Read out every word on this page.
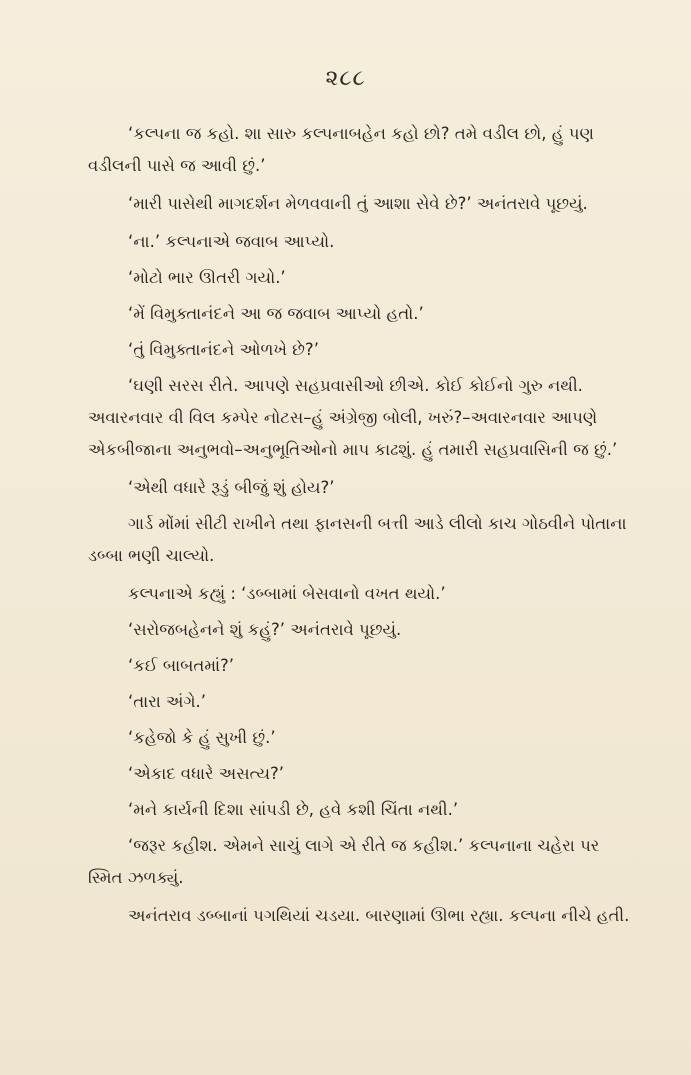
૨૮૮

‘કલ્પના જ કહો. શા સારુ કલ્પનાબહેન કહો છો? તમે વડીલ છો, હું પણ વડીલની પાસે જ આવી છું.’

‘મારી પાસેથી માગદર્શન મેળવવાની તું આશા સેવે છે?’ અનંતરાવે પૂછયું.

‘ના.’ કલ્પનાએ જવાબ આપ્યો.

‘મોટો ભાર ઊતરી ગયો.’

‘મેં વિમુક્તાનંદને આ જ જવાબ આપ્યો હતો.’

‘તું વિમુક્તાનંદને ઓળખે છે?’

‘ઘણી સરસ રીતે. આપણે સહપ્રવાસીઓ છીએ. કોઈ કોઈનો ગુરુ નથી. અવારનવાર વી વિલ કમ્પેર નોટસ–હું અંગ્રેજી બોલી, ખરું?–અવારનવાર આપણે એકબીજાના અનુભવો–અનુભૂતિઓનો માપ કાઢશું. હું તમારી સહપ્રવાસિની જ છું.’

‘એથી વધારે રૂડું બીજું શું હોય?’

ગાર્ડ મોંમાં સીટી રાખીને તથા ફાનસની બત્તી આડે લીલો કાચ ગોઠવીને પોતાના ડબ્બા ભણી ચાલ્યો.

કલ્પનાએ કહ્યું : ‘ડબ્બામાં બેસવાનો વખત થયો.’

‘સરોજબહેનને શું કહું?’ અનંતરાવે પૂછયું.

‘કઈ બાબતમાં?’

‘તારા અંગે.’

‘કહેજો કે હું સુખી છું.’

‘એકાદ વધારે અસત્ય?’

‘મને કાર્યની દિશા સાંપડી છે, હવે કશી ચિંતા નથી.’

‘જરૂર કહીશ. એમને સાચું લાગે એ રીતે જ કહીશ.’ કલ્પનાના ચહેરા પર સ્મિત ઝળક્યું.

અનંતરાવ ડબ્બાનાં પગથિયાં ચડયા. બારણામાં ઊભા રહ્યા. કલ્પના નીચે હતી.
